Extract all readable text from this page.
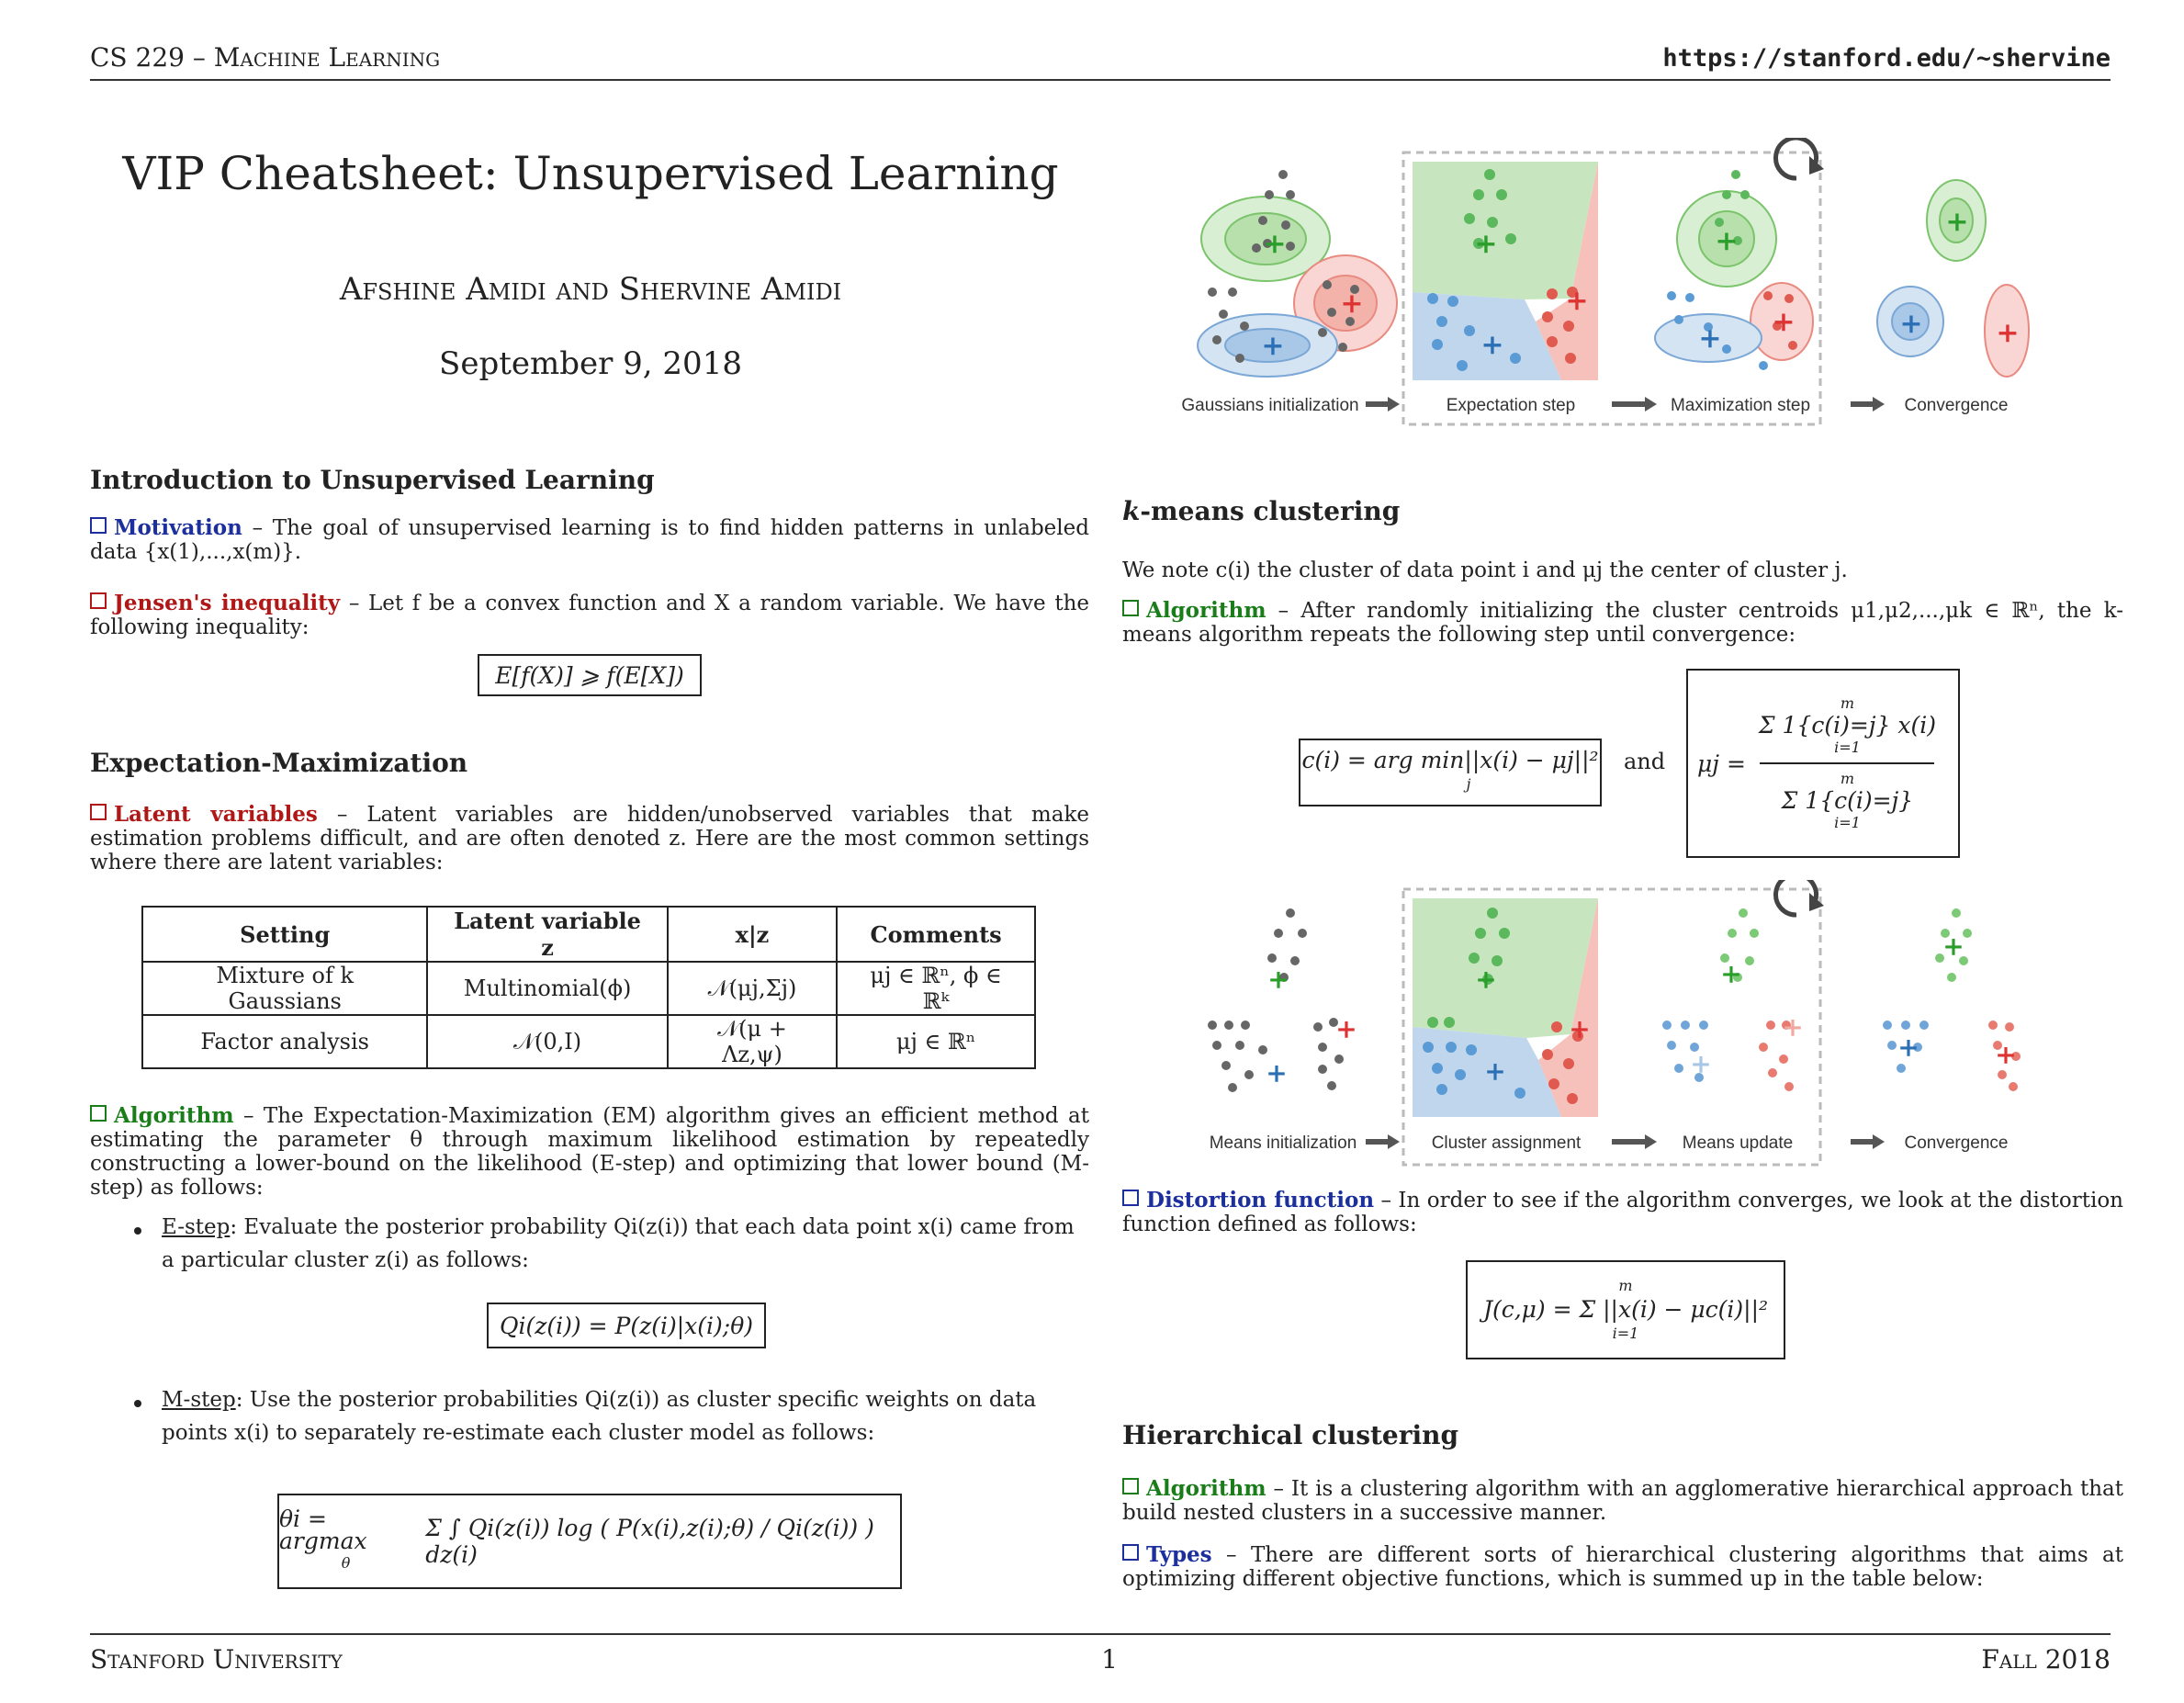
CS 229 – Machine Learning	https://stanford.edu/~shervine
VIP Cheatsheet: Unsupervised Learning
Afshine Amidi and Shervine Amidi
September 9, 2018
Introduction to Unsupervised Learning
Motivation – The goal of unsupervised learning is to find hidden patterns in unlabeled data {x(1),...,x(m)}.
Jensen's inequality – Let f be a convex function and X a random variable. We have the following inequality:
E[f(X)] ⩾ f(E[X])
Expectation-Maximization
Latent variables – Latent variables are hidden/unobserved variables that make estimation problems difficult, and are often denoted z. Here are the most common settings where there are latent variables:
Setting	Latent variable z	x|z	Comments
Mixture of k Gaussians	Multinomial(ϕ)	𝒩(μj,Σj)	μj ∈ ℝⁿ, ϕ ∈ ℝᵏ
Factor analysis	𝒩(0,I)	𝒩(μ + Λz,ψ)	μj ∈ ℝⁿ
Algorithm – The Expectation-Maximization (EM) algorithm gives an efficient method at estimating the parameter θ through maximum likelihood estimation by repeatedly constructing a lower-bound on the likelihood (E-step) and optimizing that lower bound (M-step) as follows:
E-step: Evaluate the posterior probability Qi(z(i)) that each data point x(i) came from a particular cluster z(i) as follows:
Qi(z(i)) = P(z(i)|x(i);θ)
M-step: Use the posterior probabilities Qi(z(i)) as cluster specific weights on data points x(i) to separately re-estimate each cluster model as follows:
θi = argmax
θ
Σ ∫ Qi(z(i)) log ( P(x(i),z(i);θ) / Qi(z(i)) ) dz(i)
+
+
+
+
+
+
+
+
+
+
+	+
Gaussians initialization	Expectation step	Maximization step	Convergence
k-means clustering
We note c(i) the cluster of data point i and μj the center of cluster j.
Algorithm – After randomly initializing the cluster centroids μ1,μ2,...,μk ∈ ℝⁿ, the k-means algorithm repeats the following step until convergence:
c(i) = arg min||x(i) − μj||²
j
and μj =
m
Σ 1{c(i)=j} x(i)
i=1
m
Σ 1{c(i)=j}
i=1
+
+
+
+
+
+
+
+
+
+
+	+
Means initialization	Cluster assignment	Means update	Convergence
Distortion function – In order to see if the algorithm converges, we look at the distortion function defined as follows:
m
J(c,μ) = Σ ||x(i) − μc(i)||²
i=1
Hierarchical clustering
Algorithm – It is a clustering algorithm with an agglomerative hierarchical approach that build nested clusters in a successive manner.
Types – There are different sorts of hierarchical clustering algorithms that aims at optimizing different objective functions, which is summed up in the table below:
Stanford University	1	Fall 2018
